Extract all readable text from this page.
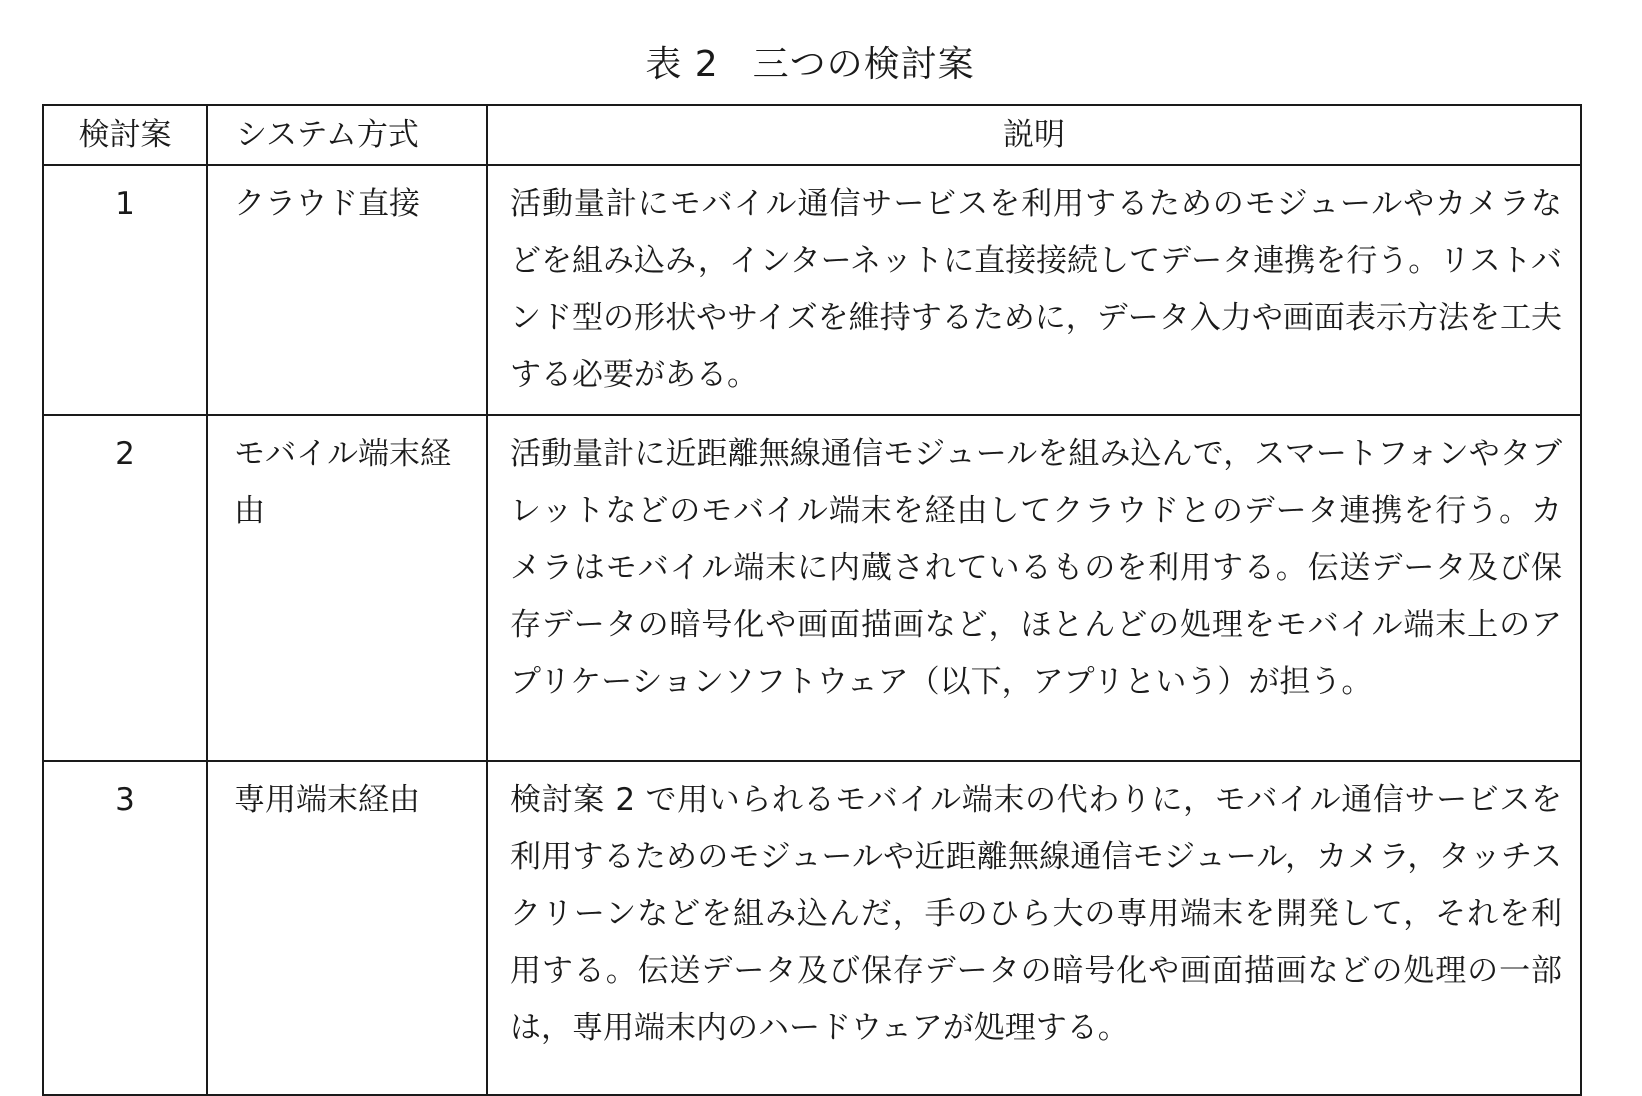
表 2 三つの検討案
検討案	システム方式	説明
1	クラウド直接	活動量計にモバイル通信サービスを利用するためのモジュールやカメラなどを組み込み，インターネットに直接接続してデータ連携を行う。リストバンド型の形状やサイズを維持するために，データ入力や画面表示方法を工夫する必要がある。
2	モバイル端末経由	活動量計に近距離無線通信モジュールを組み込んで，スマートフォンやタブレットなどのモバイル端末を経由してクラウドとのデータ連携を行う。カメラはモバイル端末に内蔵されているものを利用する。伝送データ及び保存データの暗号化や画面描画など，ほとんどの処理をモバイル端末上のアプリケーションソフトウェア（以下，アプリという）が担う。
3	専用端末経由	検討案 2 で用いられるモバイル端末の代わりに，モバイル通信サービスを利用するためのモジュールや近距離無線通信モジュール，カメラ，タッチスクリーンなどを組み込んだ，手のひら大の専用端末を開発して，それを利用する。伝送データ及び保存データの暗号化や画面描画などの処理の一部は，専用端末内のハードウェアが処理する。
